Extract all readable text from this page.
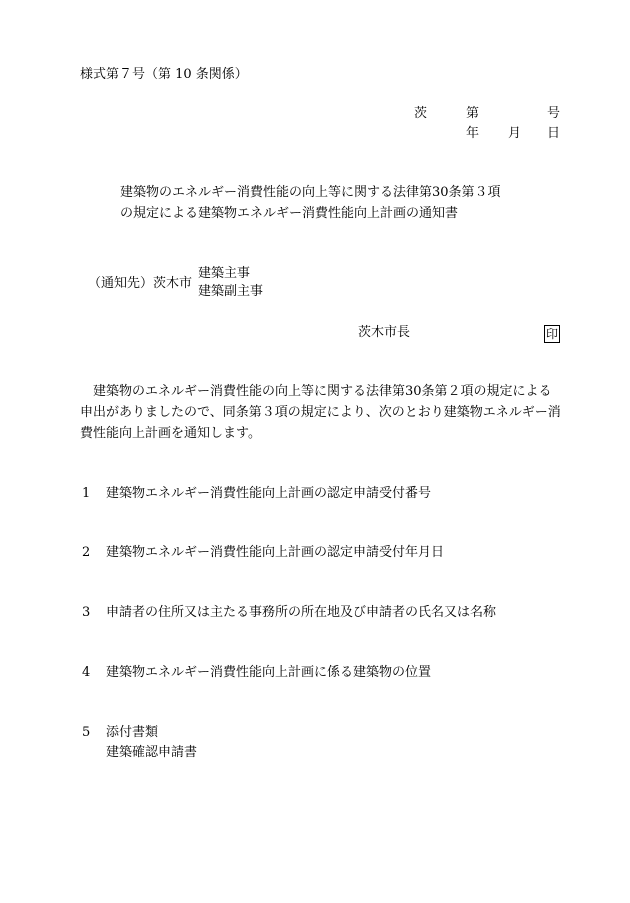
様式第７号（第 10 条関係）
茨	第	号
年 月 日
建築物のエネルギー消費性能の向上等に関する法律第30条第３項
の規定による建築物エネルギー消費性能向上計画の通知書
（通知先）茨木市
建築主事
建築副主事
茨木市長	印
建築物のエネルギー消費性能の向上等に関する法律第30条第２項の規定による申出がありましたので、同条第３項の規定により、次のとおり建築物エネルギー消費性能向上計画を通知します。
1 建築物エネルギー消費性能向上計画の認定申請受付番号
2 建築物エネルギー消費性能向上計画の認定申請受付年月日
3 申請者の住所又は主たる事務所の所在地及び申請者の氏名又は名称
4 建築物エネルギー消費性能向上計画に係る建築物の位置
5 添付書類
建築確認申請書
